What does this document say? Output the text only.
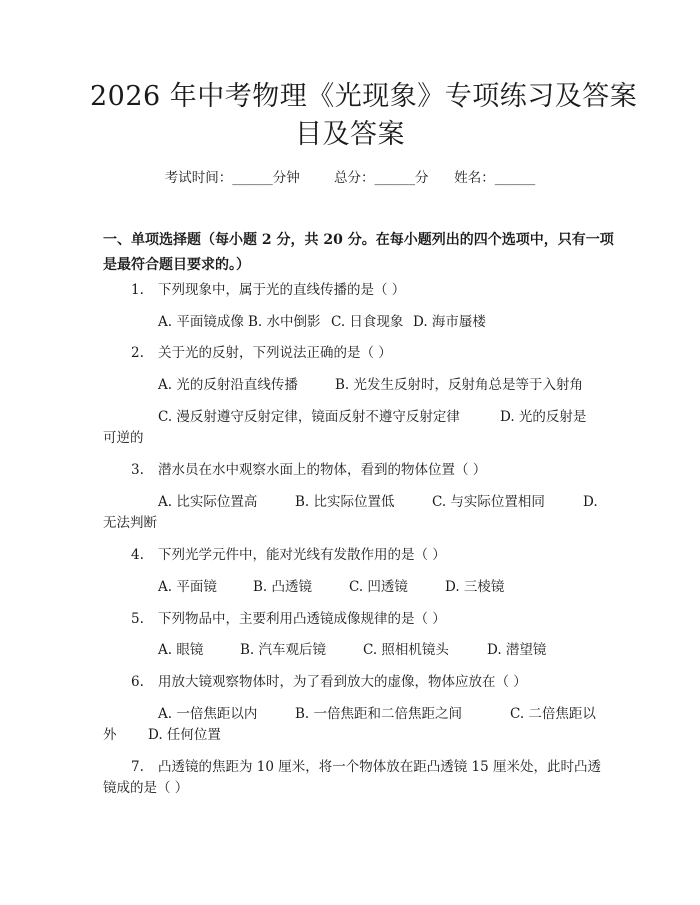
2026 年中考物理《光现象》专项练习及答案
目及答案
考试时间：______分钟	总分：______分 姓名：______
一、单项选择题（每小题 2 分，共 20 分。在每小题列出的四个选项中，只有一项
是最符合题目要求的。）
1. 下列现象中，属于光的直线传播的是（ ）
A. 平面镜成像 B. 水中倒影 C. 日食现象 D. 海市蜃楼
2. 关于光的反射，下列说法正确的是（ ）
A. 光的反射沿直线传播	B. 光发生反射时，反射角总是等于入射角
C. 漫反射遵守反射定律，镜面反射不遵守反射定律	D. 光的反射是
可逆的
3. 潜水员在水中观察水面上的物体，看到的物体位置（ ）
A. 比实际位置高	B. 比实际位置低	C. 与实际位置相同	D.
无法判断
4. 下列光学元件中，能对光线有发散作用的是（ ）
A. 平面镜	B. 凸透镜	C. 凹透镜	D. 三棱镜
5. 下列物品中，主要利用凸透镜成像规律的是（ ）
A. 眼镜	B. 汽车观后镜	C. 照相机镜头	D. 潜望镜
6. 用放大镜观察物体时，为了看到放大的虚像，物体应放在（ ）
A. 一倍焦距以内	B. 一倍焦距和二倍焦距之间	C. 二倍焦距以
外 D. 任何位置
7. 凸透镜的焦距为 10 厘米，将一个物体放在距凸透镜 15 厘米处，此时凸透
镜成的是（ ）
